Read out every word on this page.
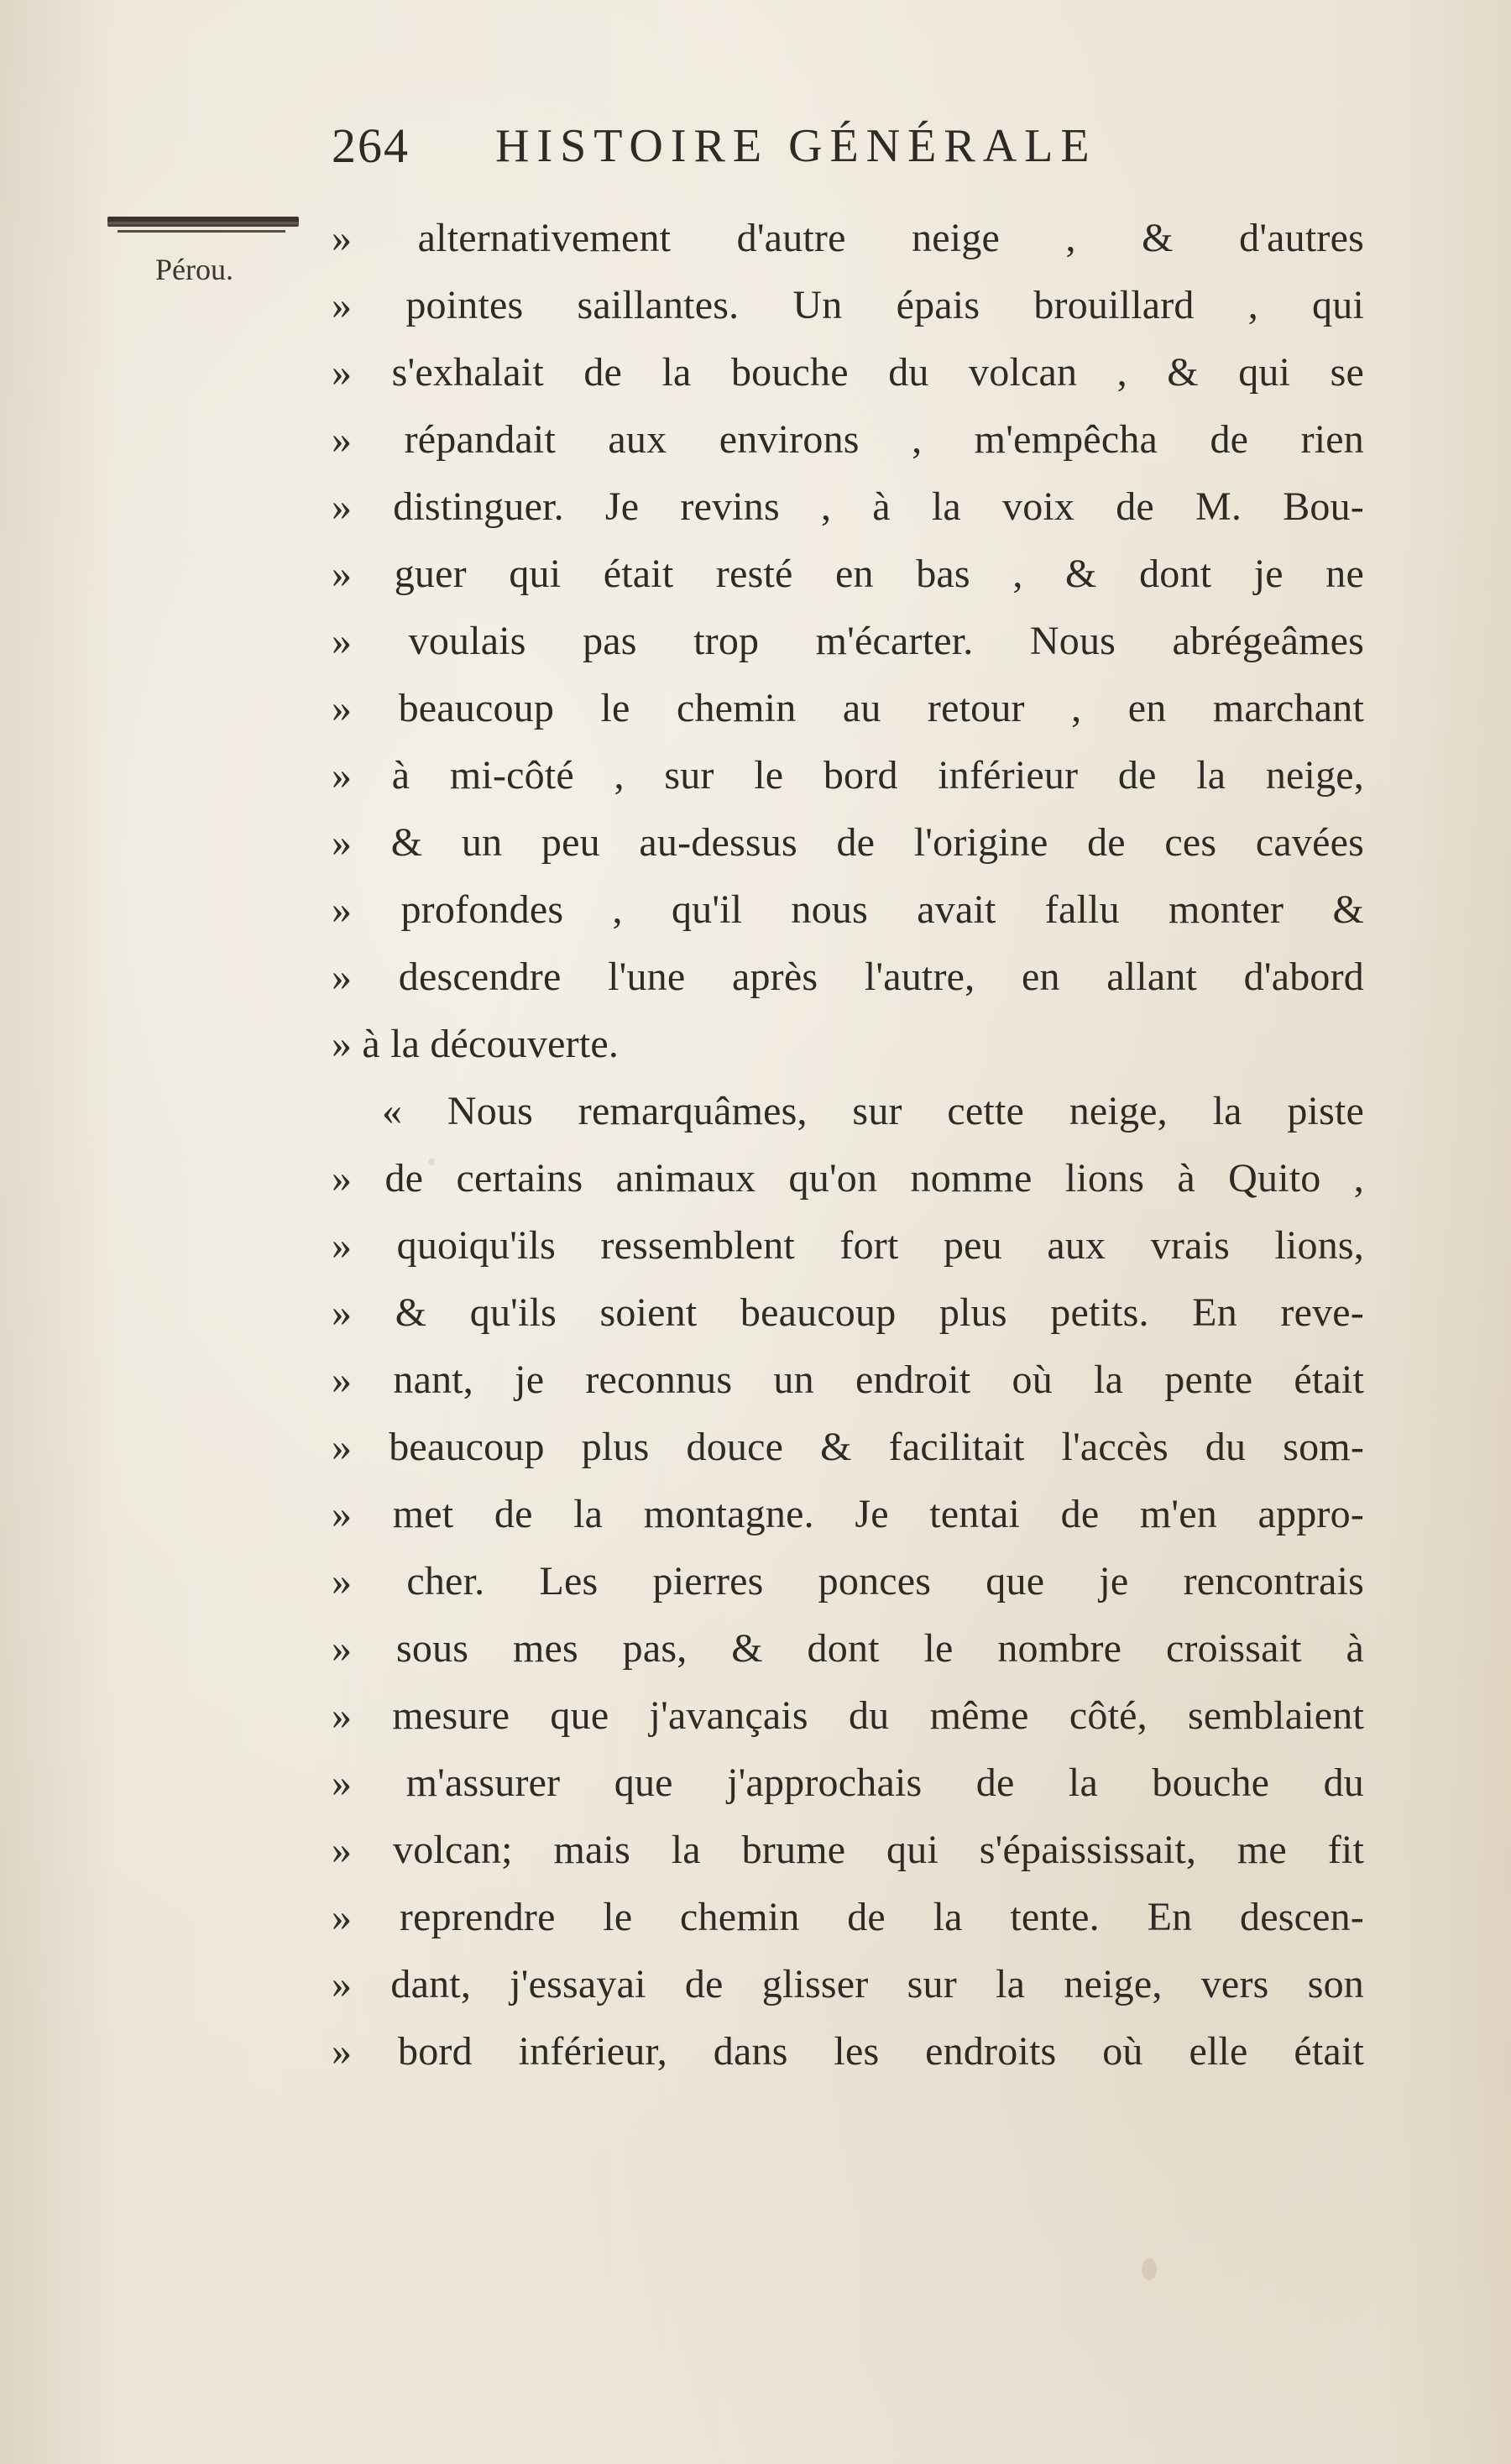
264 HISTOIRE GÉNÉRALE
Pérou.
» alternativement d'autre neige , & d'autres
» pointes saillantes. Un épais brouillard , qui
» s'exhalait de la bouche du volcan , & qui se
» répandait aux environs , m'empêcha de rien
» distinguer. Je revins , à la voix de M. Bou-
» guer qui était resté en bas , & dont je ne
» voulais pas trop m'écarter. Nous abrégeâmes
» beaucoup le chemin au retour , en marchant
» à mi-côté , sur le bord inférieur de la neige,
» & un peu au-dessus de l'origine de ces cavées
» profondes , qu'il nous avait fallu monter &
» descendre l'une après l'autre, en allant d'abord
» à la découverte.
« Nous remarquâmes, sur cette neige, la piste
» de certains animaux qu'on nomme lions à Quito ,
» quoiqu'ils ressemblent fort peu aux vrais lions,
» & qu'ils soient beaucoup plus petits. En reve-
» nant, je reconnus un endroit où la pente était
» beaucoup plus douce & facilitait l'accès du som-
» met de la montagne. Je tentai de m'en appro-
» cher. Les pierres ponces que je rencontrais
» sous mes pas, & dont le nombre croissait à
» mesure que j'avançais du même côté, semblaient
» m'assurer que j'approchais de la bouche du
» volcan; mais la brume qui s'épaississait, me fit
» reprendre le chemin de la tente. En descen-
» dant, j'essayai de glisser sur la neige, vers son
» bord inférieur, dans les endroits où elle était
